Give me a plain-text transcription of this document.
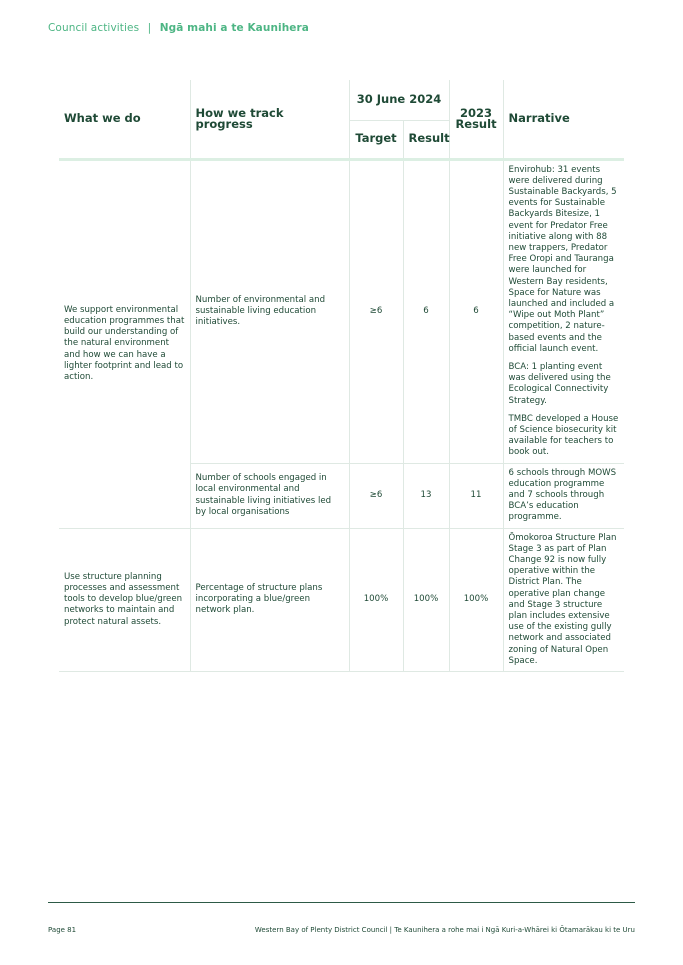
Council activities | Ngā mahi a te Kaunihera
What we do	How we track progress	30 June 2024		2023 Result	Narrative
		Target	Result		
We support environmental education programmes that build our understanding of the natural environment and how we can have a lighter footprint and lead to action.	Number of environmental and sustainable living education initiatives.	≥6	6	6	Envirohub: 31 events were delivered during Sustainable Backyards, 5 events for Sustainable Backyards Bitesize, 1 event for Predator Free initiative along with 88 new trappers, Predator Free Oropi and Tauranga were launched for Western Bay residents, Space for Nature was launched and included a “Wipe out Moth Plant” competition, 2 nature-based events and the official launch event.

BCA: 1 planting event was delivered using the Ecological Connectivity Strategy.

TMBC developed a House of Science biosecurity kit available for teachers to book out.

	Number of schools engaged in local environmental and sustainable living initiatives led by local organisations	≥6	13	11	6 schools through MOWS education programme and 7 schools through BCA’s education programme.

Use structure planning processes and assessment tools to develop blue/green networks to maintain and protect natural assets.	Percentage of structure plans incorporating a blue/green network plan.	100%	100%	100%	Ōmokoroa Structure Plan Stage 3 as part of Plan Change 92 is now fully operative within the District Plan. The operative plan change and Stage 3 structure plan includes extensive use of the existing gully network and associated zoning of Natural Open Space.

Page 81	Western Bay of Plenty District Council | Te Kaunihera a rohe mai i Ngā Kuri-a-Whārei ki Ōtamarākau ki te Uru
